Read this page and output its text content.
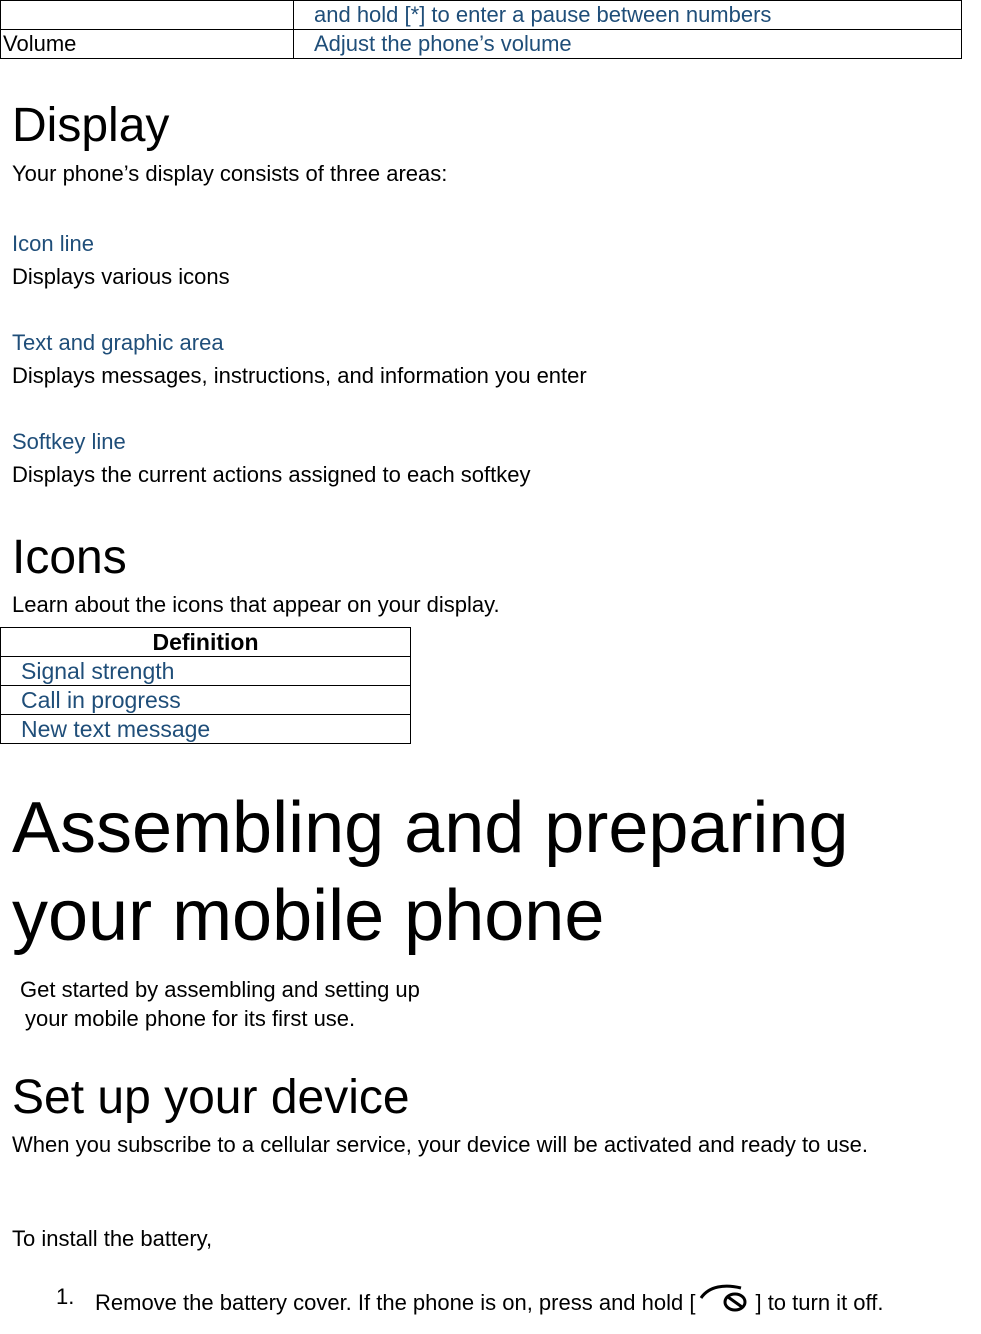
	and hold [*] to enter a pause between numbers
Volume	Adjust the phone’s volume
Display
Your phone’s display consists of three areas:
Icon line
Displays various icons
Text and graphic area
Displays messages, instructions, and information you enter
Softkey line
Displays the current actions assigned to each softkey
Icons
Learn about the icons that appear on your display.
Definition
Signal strength
Call in progress
New text message
Assembling and preparing your mobile phone
Get started by assembling and setting up
your mobile phone for its first use.
Set up your device
When you subscribe to a cellular service, your device will be activated and ready to use.
To install the battery,
1. Remove the battery cover. If the phone is on, press and hold [	] to turn it off.
